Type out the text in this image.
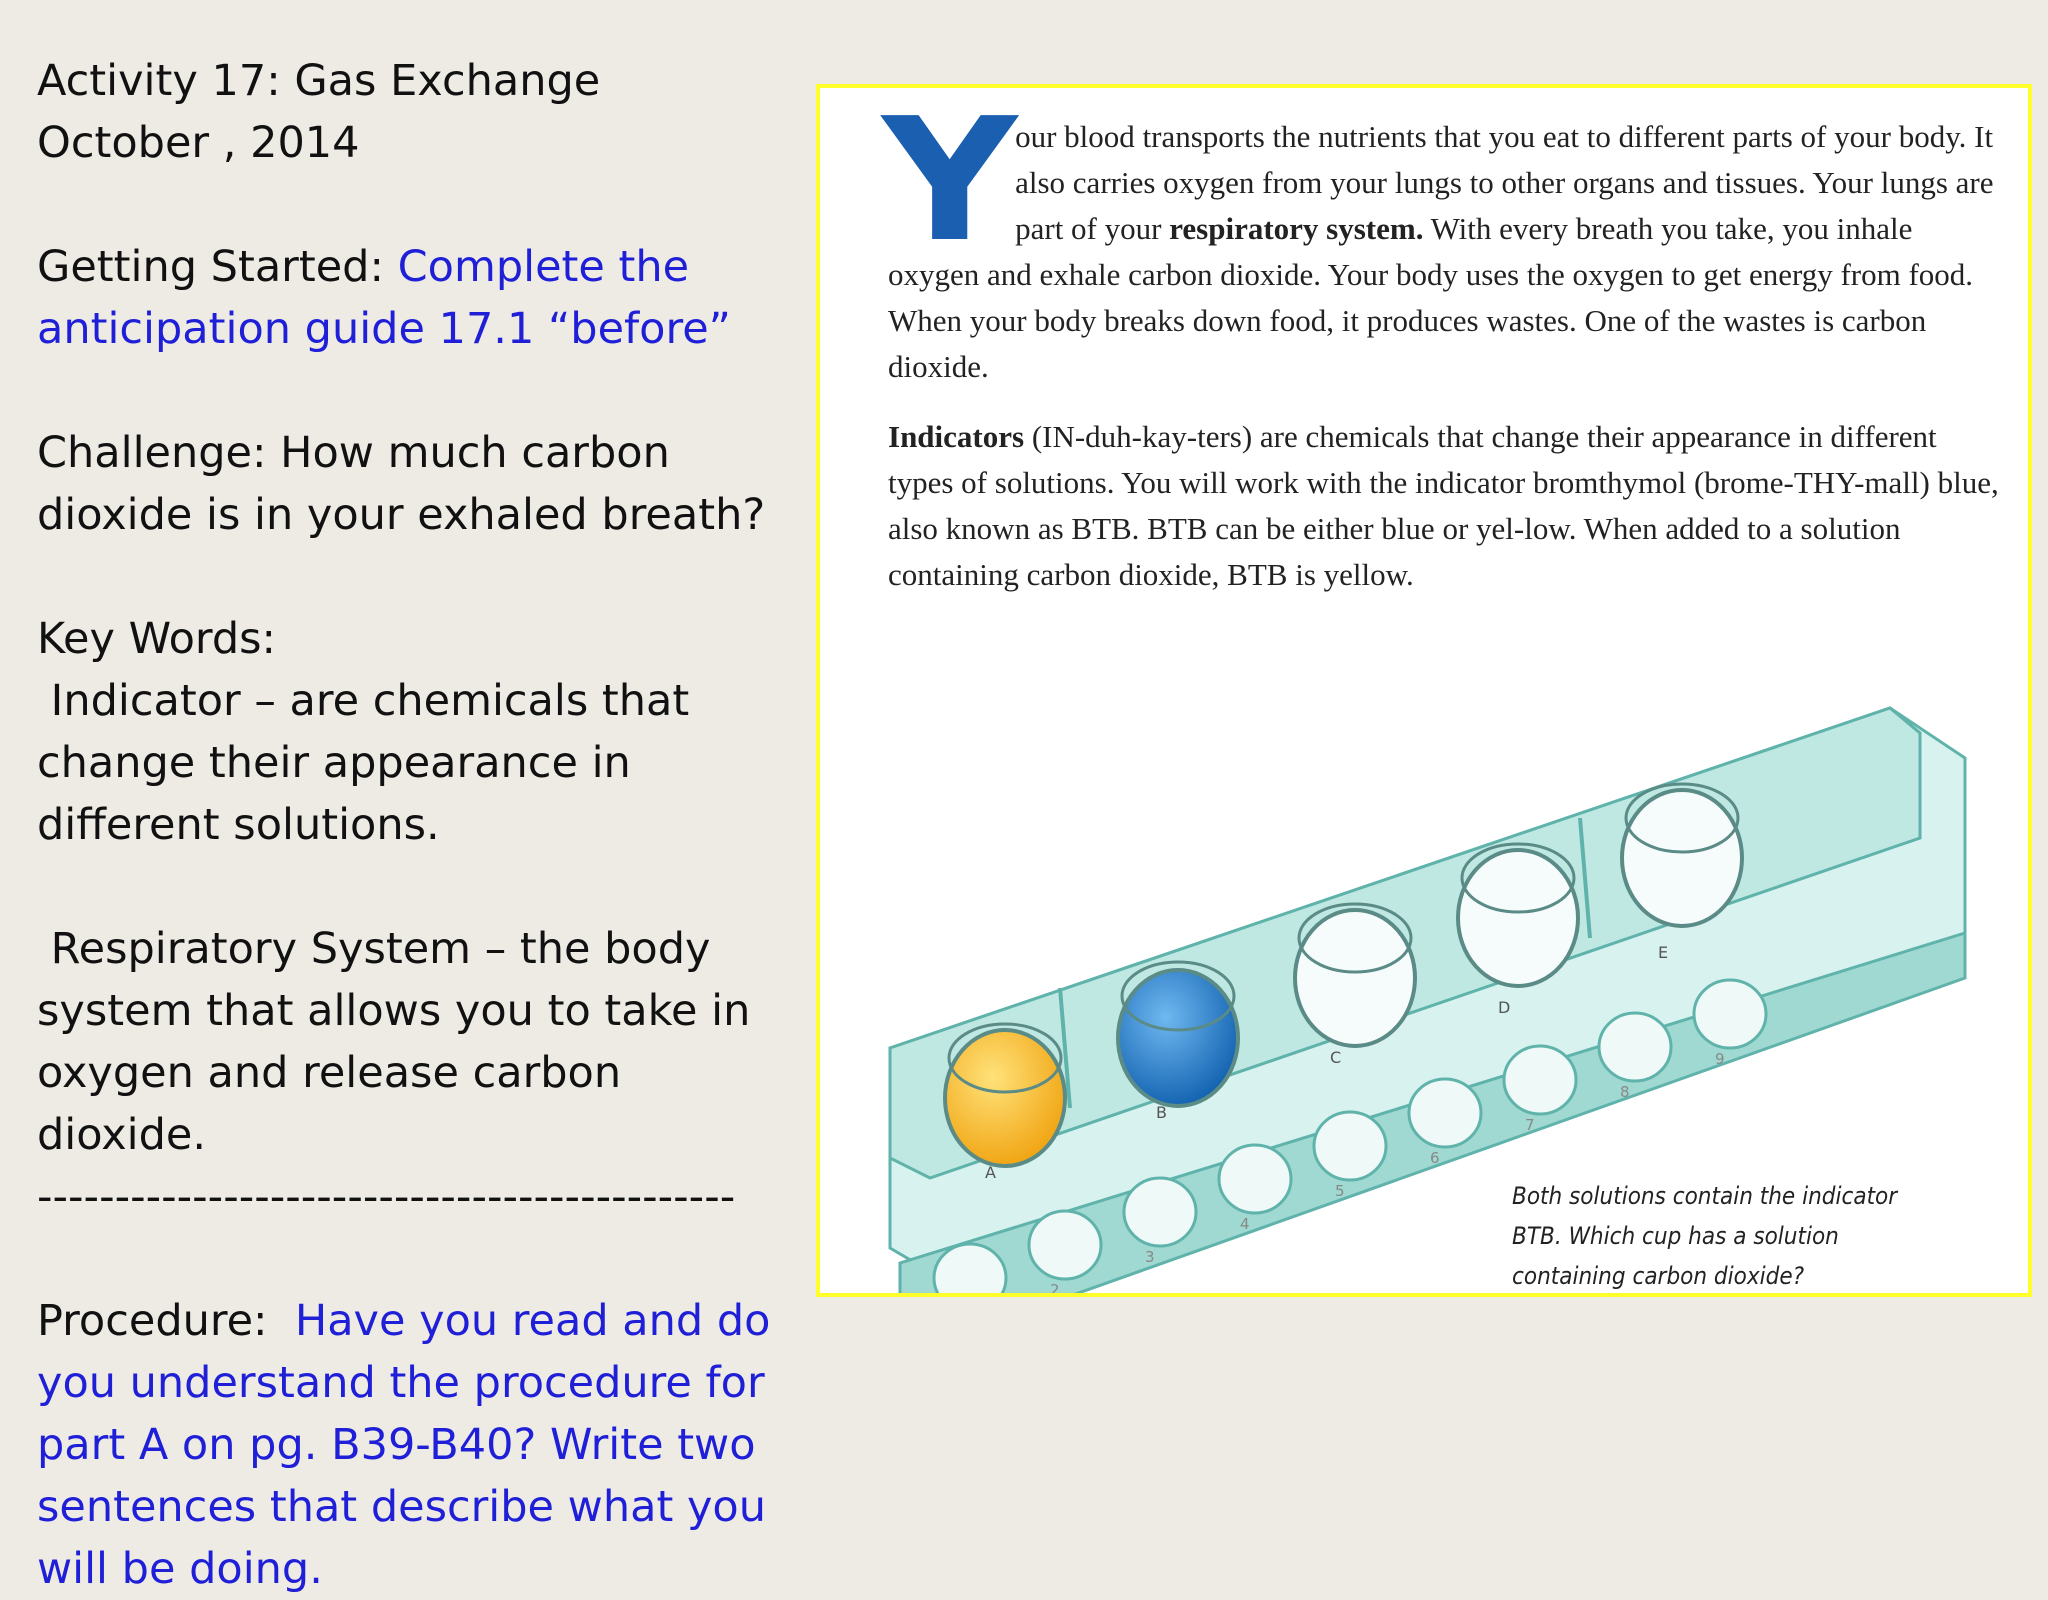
Activity 17: Gas Exchange

October , 2014

Getting Started: Complete the anticipation guide 17.1 “before”

Challenge: How much carbon dioxide is in your exhaled breath?

Key Words:

Indicator – are chemicals that change their appearance in different solutions.

Respiratory System – the body system that allows you to take in oxygen and release carbon dioxide.

---------------------------------------------

Procedure:  Have you read and do you understand the procedure for part A on pg. B39-B40? Write two sentences that describe what you will be doing.

Y
our blood transports the nutrients that you eat to different parts of your body. It also carries oxygen from your lungs to other organs and tissues. Your lungs are part of your respiratory system. With every breath you take, you inhale oxygen and exhale carbon dioxide. Your body uses the oxygen to get energy from food. When your body breaks down food, it produces wastes. One of the wastes is carbon dioxide.

Indicators (IN-duh-kay-ters) are chemicals that change their appearance in different types of solutions. You will work with the indicator bromthymol (brome-THY-mall) blue, also known as BTB. BTB can be either blue or yel-low. When added to a solution containing carbon dioxide, BTB is yellow.

A
B
C
D
E
1
2
3
4
5
6
7
8
9
Both solutions contain the indicator BTB. Which cup has a solution containing carbon dioxide?
